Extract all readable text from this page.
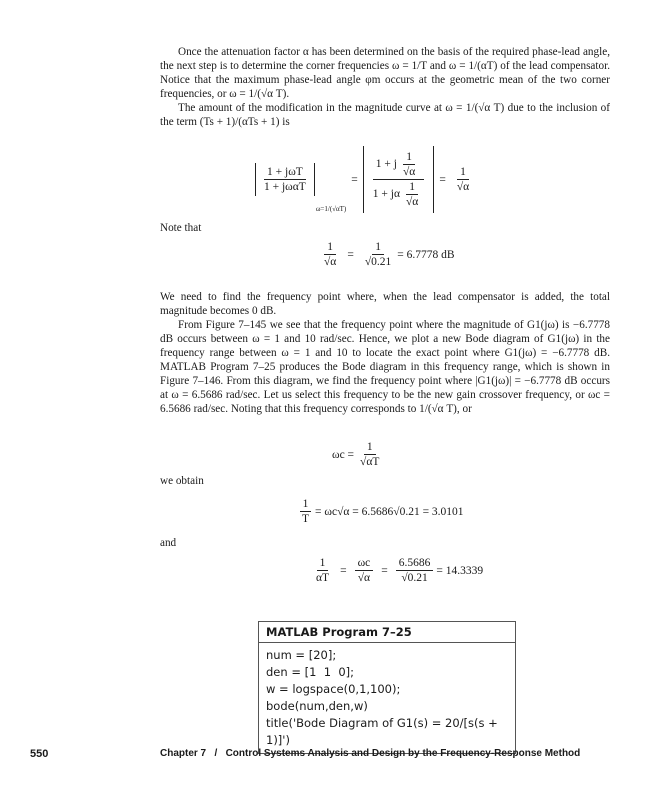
Once the attenuation factor α has been determined on the basis of the required phase-lead angle, the next step is to determine the corner frequencies ω = 1/T and ω = 1/(αT) of the lead compensator. Notice that the maximum phase-lead angle φm occurs at the geometric mean of the two corner frequencies, or ω = 1/(√α T).
The amount of the modification in the magnitude curve at ω = 1/(√α T) due to the inclusion of the term (Ts + 1)/(αTs + 1) is
1 + jωT
1 + jωαT
ω=1/(√αT)
=
1 + j $\frac{1}{√\alpha}$
1 + jα $\frac{1}{√\alpha}$
= $\frac{1}{√\alpha}$
Note that
$\frac{1}{√\alpha} = \frac{1}{√0.21} = 6.7778$ dB
We need to find the frequency point where, when the lead compensator is added, the total magnitude becomes 0 dB.
From Figure 7–145 we see that the frequency point where the magnitude of G1(jω) is −6.7778 dB occurs between ω = 1 and 10 rad/sec. Hence, we plot a new Bode diagram of G1(jω) in the frequency range between ω = 1 and 10 to locate the exact point where G1(jω) = −6.7778 dB. MATLAB Program 7–25 produces the Bode diagram in this frequency range, which is shown in Figure 7–146. From this diagram, we find the frequency point where |G1(jω)| = −6.7778 dB occurs at ω = 6.5686 rad/sec. Let us select this frequency to be the new gain crossover frequency, or ωc = 6.5686 rad/sec. Noting that this frequency corresponds to 1/(√α T), or
$\omega c = \frac{1}{√\alpha T}$
we obtain
$\frac{1}{T} = \omega c√\alpha = 6.5686√0.21 = 3.0101$
and
$\frac{1}{\alpha T} = \frac{\omega c}{√\alpha} = \frac{6.5686}{√0.21} = 14.3339$
MATLAB Program 7–25
num = [20];
den = [1  1  0];
w = logspace(0,1,100);
bode(num,den,w)
title('Bode Diagram of G1(s) = 20/[s(s + 1)]')
550	Chapter 7   /   Control Systems Analysis and Design by the Frequency-Response Method
